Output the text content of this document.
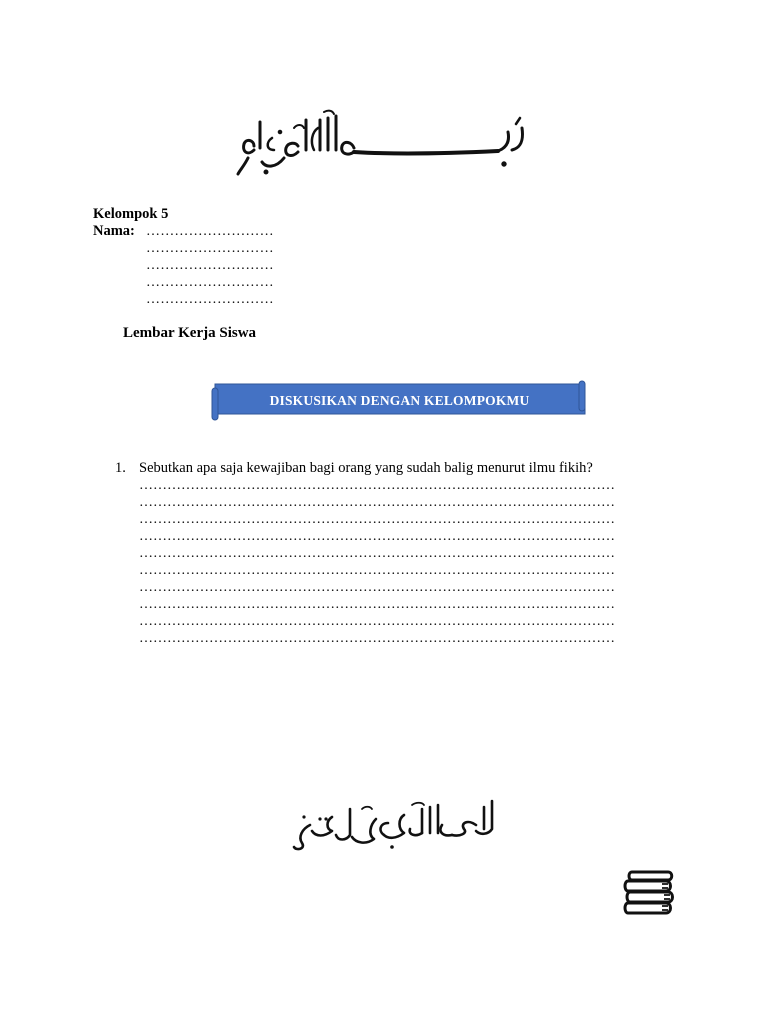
Kelompok 5
Nama: ………………………
………………………
………………………
………………………
………………………
Lembar Kerja Siswa
DISKUSIKAN DENGAN KELOMPOKMU
1. Sebutkan apa saja kewajiban bagi orang yang sudah balig menurut ilmu fikih?
…………………………………………………………………………………………
…………………………………………………………………………………………
…………………………………………………………………………………………
…………………………………………………………………………………………
…………………………………………………………………………………………
…………………………………………………………………………………………
…………………………………………………………………………………………
…………………………………………………………………………………………
…………………………………………………………………………………………
…………………………………………………………………………………………
